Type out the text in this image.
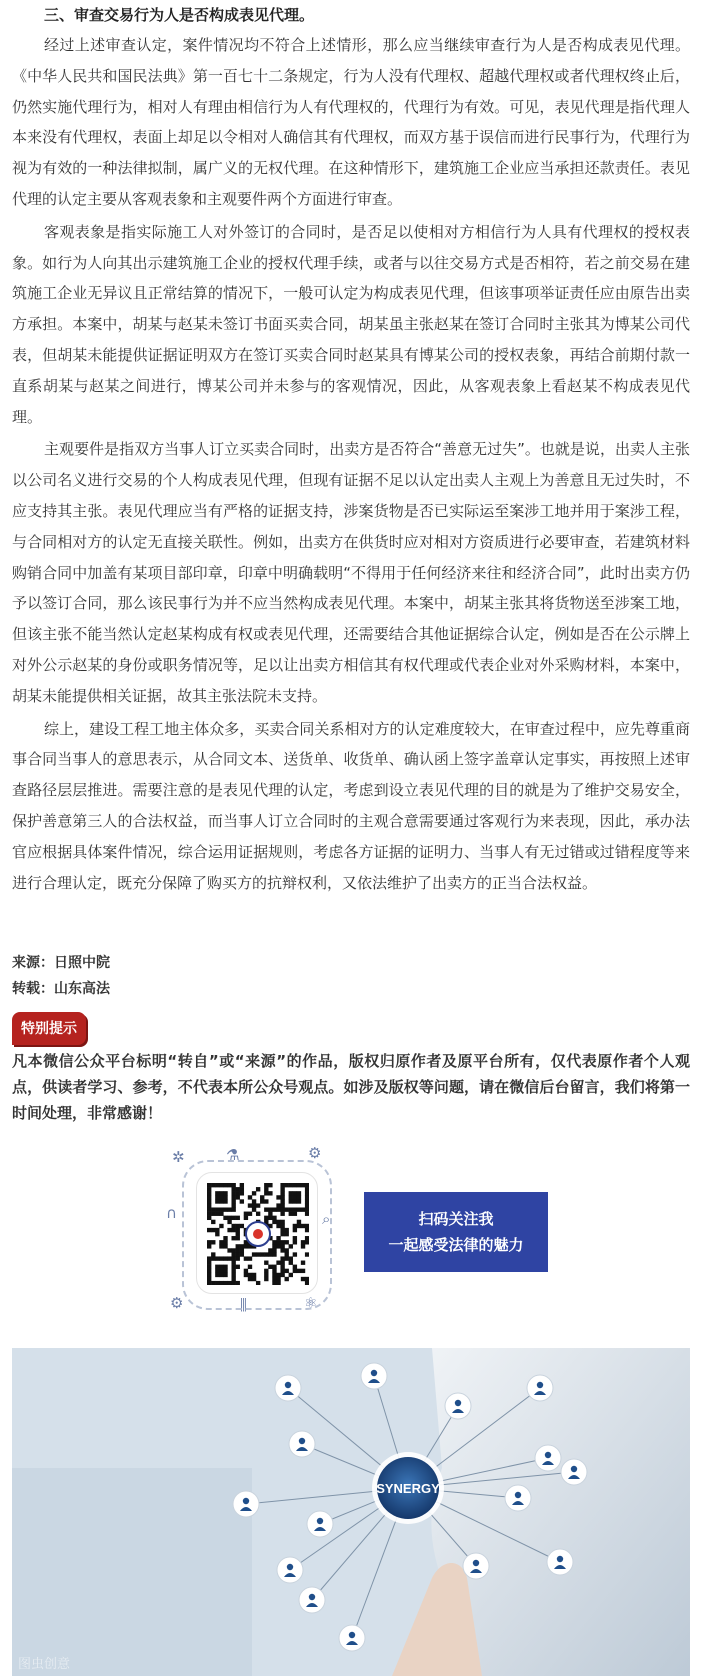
三、审查交易行为人是否构成表见代理。

经过上述审查认定，案件情况均不符合上述情形，那么应当继续审查行为人是否构成表见代理。《中华人民共和国民法典》第一百七十二条规定，行为人没有代理权、超越代理权或者代理权终止后，仍然实施代理行为，相对人有理由相信行为人有代理权的，代理行为有效。可见，表见代理是指代理人本来没有代理权，表面上却足以令相对人确信其有代理权，而双方基于误信而进行民事行为，代理行为视为有效的一种法律拟制，属广义的无权代理。在这种情形下，建筑施工企业应当承担还款责任。表见代理的认定主要从客观表象和主观要件两个方面进行审查。

客观表象是指实际施工人对外签订的合同时，是否足以使相对方相信行为人具有代理权的授权表象。如行为人向其出示建筑施工企业的授权代理手续，或者与以往交易方式是否相符，若之前交易在建筑施工企业无异议且正常结算的情况下，一般可认定为构成表见代理，但该事项举证责任应由原告出卖方承担。本案中，胡某与赵某未签订书面买卖合同，胡某虽主张赵某在签订合同时主张其为博某公司代表，但胡某未能提供证据证明双方在签订买卖合同时赵某具有博某公司的授权表象，再结合前期付款一直系胡某与赵某之间进行，博某公司并未参与的客观情况，因此，从客观表象上看赵某不构成表见代理。

主观要件是指双方当事人订立买卖合同时，出卖方是否符合“善意无过失”。也就是说，出卖人主张以公司名义进行交易的个人构成表见代理，但现有证据不足以认定出卖人主观上为善意且无过失时，不应支持其主张。表见代理应当有严格的证据支持，涉案货物是否已实际运至案涉工地并用于案涉工程，与合同相对方的认定无直接关联性。例如，出卖方在供货时应对相对方资质进行必要审查，若建筑材料购销合同中加盖有某项目部印章，印章中明确载明“不得用于任何经济来往和经济合同”，此时出卖方仍予以签订合同，那么该民事行为并不应当然构成表见代理。本案中，胡某主张其将货物送至涉案工地，但该主张不能当然认定赵某构成有权或表见代理，还需要结合其他证据综合认定，例如是否在公示牌上对外公示赵某的身份或职务情况等，足以让出卖方相信其有权代理或代表企业对外采购材料，本案中，胡某未能提供相关证据，故其主张法院未支持。

综上，建设工程工地主体众多，买卖合同关系相对方的认定难度较大，在审查过程中，应先尊重商事合同当事人的意思表示，从合同文本、送货单、收货单、确认函上签字盖章认定事实，再按照上述审查路径层层推进。需要注意的是表见代理的认定，考虑到设立表见代理的目的就是为了维护交易安全，保护善意第三人的合法权益，而当事人订立合同时的主观合意需要通过客观行为来表现，因此，承办法官应根据具体案件情况，综合运用证据规则，考虑各方证据的证明力、当事人有无过错或过错程度等来进行合理认定，既充分保障了购买方的抗辩权利，又依法维护了出卖方的正当合法权益。

来源：日照中院
转载：山东高法
特别提示
凡本微信公众平台标明“转自”或“来源”的作品，版权归原作者及原平台所有，仅代表原作者个人观点，供读者学习、参考，不代表本所公众号观点。如涉及版权等问题，请在微信后台留言，我们将第一时间处理，非常感谢！
✲	⚗	⚙
∩	⌕
⚙	⫼	⚛
扫码关注我
一起感受法律的魅力
SYNERGY
图虫创意
